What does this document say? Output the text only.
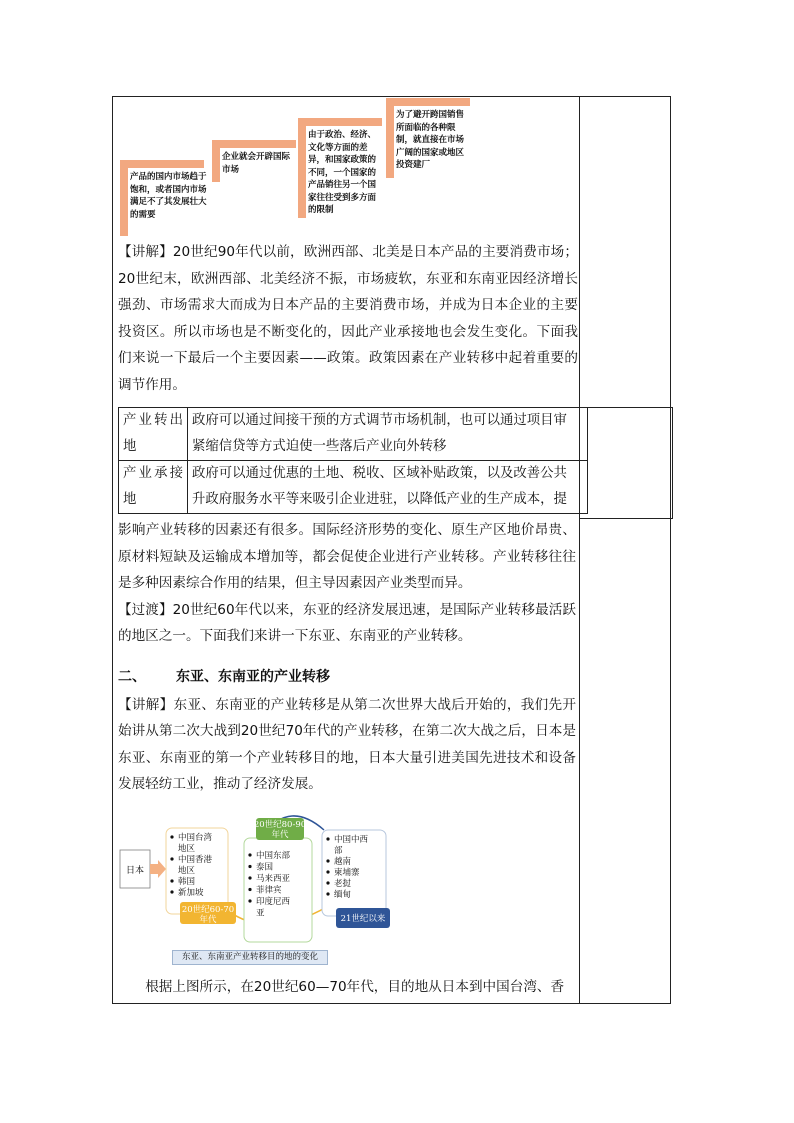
产品的国内市场趋于饱和，或者国内市场满足不了其发展壮大的需要
企业就会开辟国际市场
由于政治、经济、文化等方面的差异，和国家政策的不同，一个国家的产品销往另一个国家往往受到多方面的限制
为了避开跨国销售所面临的各种限制，就直接在市场广阔的国家或地区投资建厂

【讲解】20世纪90年代以前，欧洲西部、北美是日本产品的主要消费市场；20世纪末，欧洲西部、北美经济不振，市场疲软，东亚和东南亚因经济增长强劲、市场需求大而成为日本产品的主要消费市场，并成为日本企业的主要投资区。所以市场也是不断变化的，因此产业承接地也会发生变化。下面我们来说一下最后一个主要因素——政策。政策因素在产业转移中起着重要的调节作用。

产业转出地	政府可以通过间接干预的方式调节市场机制，也可以通过项目审
紧缩信贷等方式迫使一些落后产业向外转移
产业承接地	政府可以通过优惠的土地、税收、区域补贴政策，以及改善公共
升政府服务水平等来吸引企业进驻，以降低产业的生产成本，提

影响产业转移的因素还有很多。国际经济形势的变化、原生产区地价昂贵、原材料短缺及运输成本增加等，都会促使企业进行产业转移。产业转移往往是多种因素综合作用的结果，但主导因素因产业类型而异。

【过渡】20世纪60年代以来，东亚的经济发展迅速，是国际产业转移最活跃的地区之一。下面我们来讲一下东亚、东南亚的产业转移。

二、 东亚、东南亚的产业转移

【讲解】东亚、东南亚的产业转移是从第二次世界大战后开始的，我们先开始讲从第二次大战到20世纪70年代的产业转移，在第二次大战之后，日本是东亚、东南亚的第一个产业转移目的地，日本大量引进美国先进技术和设备发展轻纺工业，推动了经济发展。

日本
中国台湾
地区
中国香港
地区
韩国
新加坡
20世纪60-70
年代
中国东部
泰国
马来西亚
菲律宾
印度尼西
亚
20世纪80-90
年代	中国中西
部
越南
柬埔寨
老挝
缅甸
21世纪以来
东亚、东南亚产业转移目的地的变化

根据上图所示，在20世纪60—70年代，目的地从日本到中国台湾、香
